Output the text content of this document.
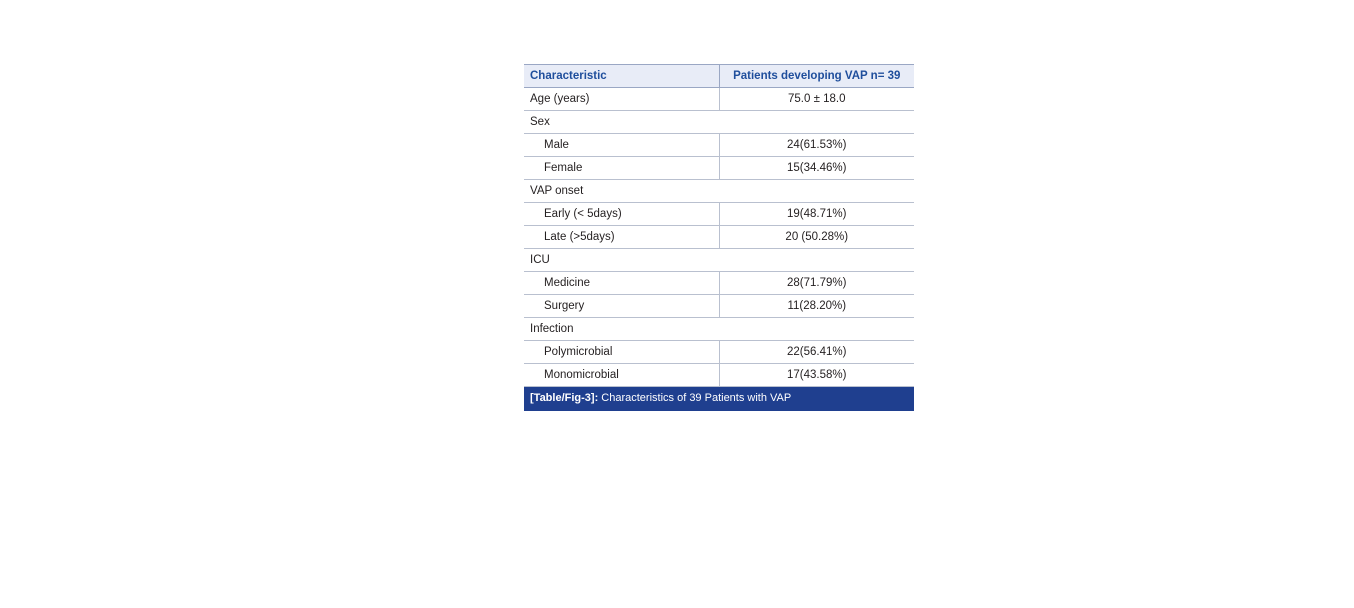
Characteristic	Patients developing VAP n= 39
Age (years)	75.0 ± 18.0
Sex	
Male	24(61.53%)
Female	15(34.46%)
VAP onset	
Early (< 5days)	19(48.71%)
Late (>5days)	20 (50.28%)
ICU	
Medicine	28(71.79%)
Surgery	11(28.20%)
Infection	
Polymicrobial	22(56.41%)
Monomicrobial	17(43.58%)
[Table/Fig-3]: Characteristics of 39 Patients with VAP
